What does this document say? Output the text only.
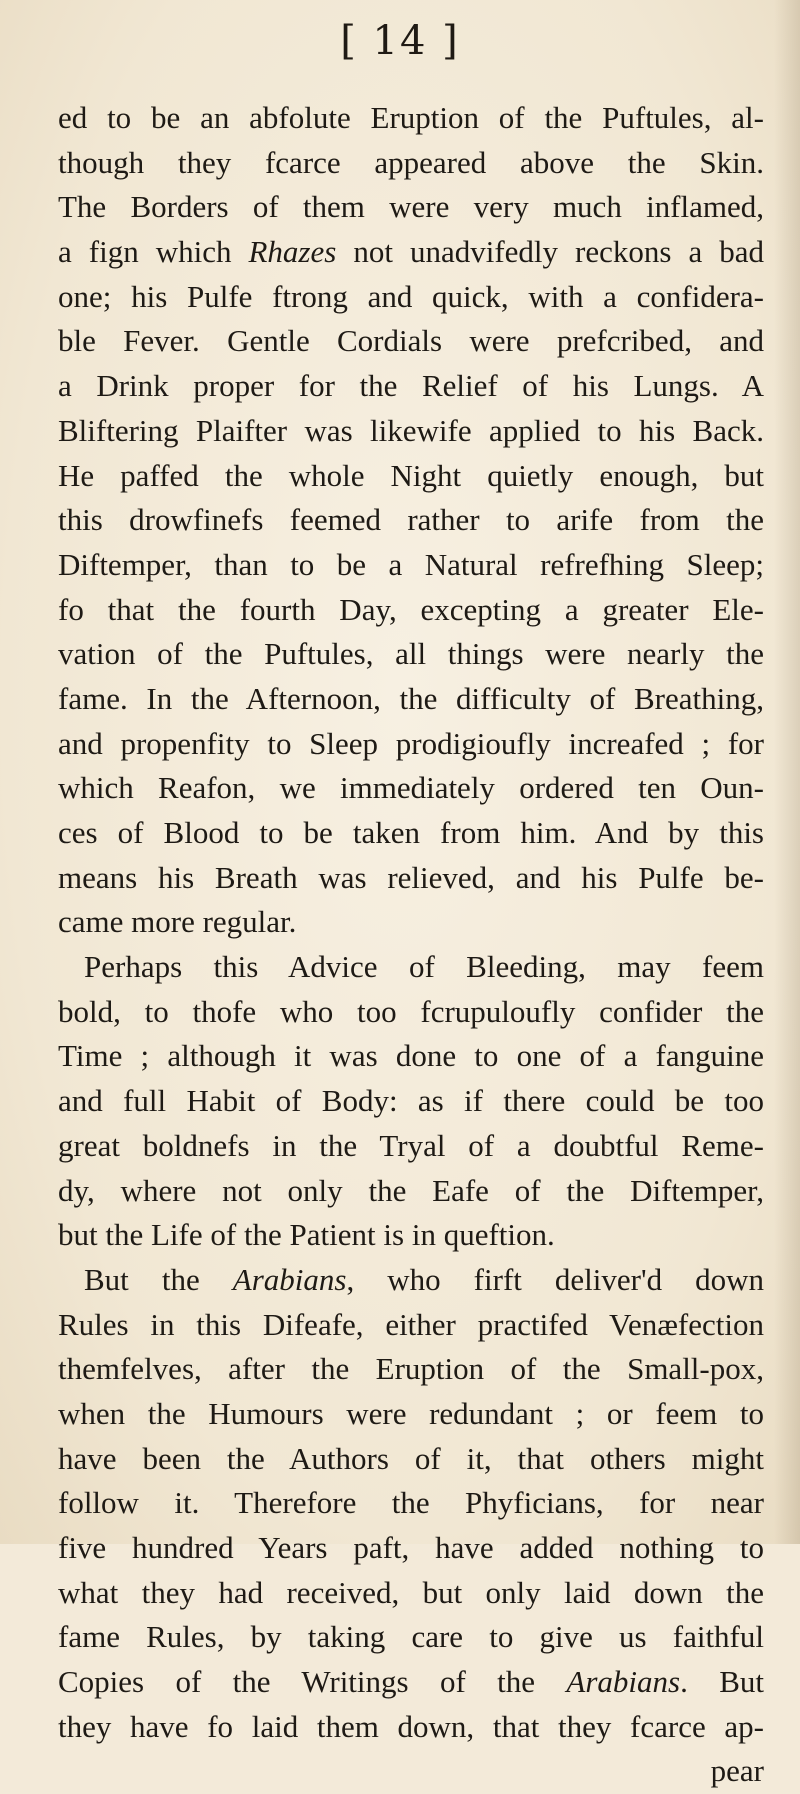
[ 14 ]
ed to be an abfolute Eruption of the Puftules, al-
though they fcarce appeared above the Skin.
The Borders of them were very much inflamed,
a fign which Rhazes not unadvifedly reckons a bad
one; his Pulfe ftrong and quick, with a confidera-
ble Fever. Gentle Cordials were prefcribed, and
a Drink proper for the Relief of his Lungs. A
Bliftering Plaifter was likewife applied to his Back.
He paffed the whole Night quietly enough, but
this drowfinefs feemed rather to arife from the
Diftemper, than to be a Natural refrefhing Sleep;
fo that the fourth Day, excepting a greater Ele-
vation of the Puftules, all things were nearly the
fame. In the Afternoon, the difficulty of Breathing,
and propenfity to Sleep prodigioufly increafed ; for
which Reafon, we immediately ordered ten Oun-
ces of Blood to be taken from him. And by this
means his Breath was relieved, and his Pulfe be-
came more regular.
Perhaps this Advice of Bleeding, may feem
bold, to thofe who too fcrupuloufly confider the
Time ; although it was done to one of a fanguine
and full Habit of Body: as if there could be too
great boldnefs in the Tryal of a doubtful Reme-
dy, where not only the Eafe of the Diftemper,
but the Life of the Patient is in queftion.
But the Arabians, who firft deliver'd down
Rules in this Difeafe, either practifed Venæfection
themfelves, after the Eruption of the Small-pox,
when the Humours were redundant ; or feem to
have been the Authors of it, that others might
follow it. Therefore the Phyficians, for near
five hundred Years paft, have added nothing to
what they had received, but only laid down the
fame Rules, by taking care to give us faithful
Copies of the Writings of the Arabians. But
they have fo laid them down, that they fcarce ap-
pear
